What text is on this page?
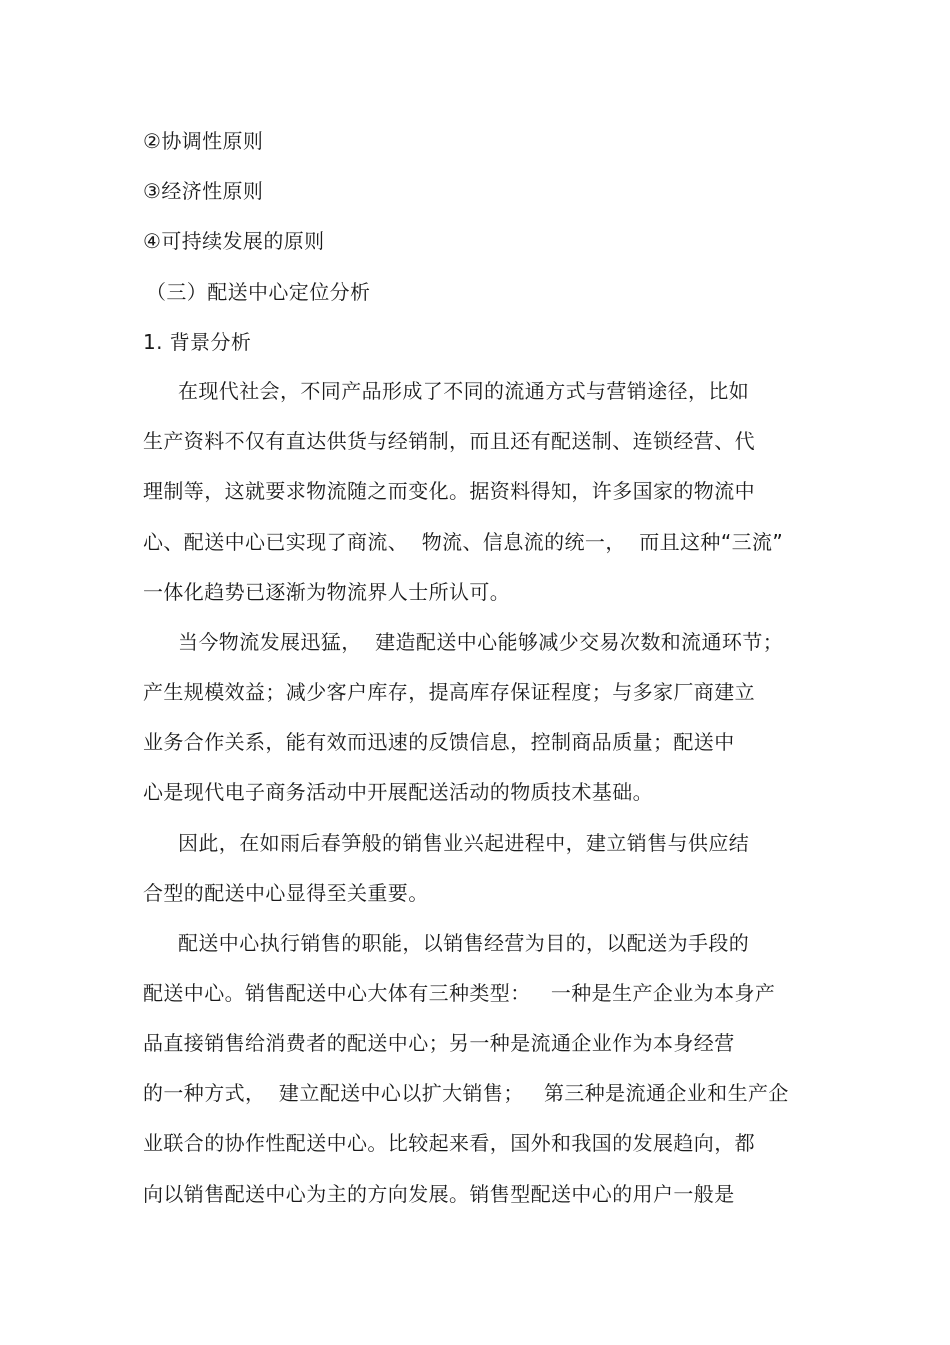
②协调性原则
③经济性原则
④可持续发展的原则
（三）配送中心定位分析
1. 背景分析
在现代社会，不同产品形成了不同的流通方式与营销途径，比如
生产资料不仅有直达供货与经销制，而且还有配送制、连锁经营、代
理制等，这就要求物流随之而变化。据资料得知，许多国家的物流中
心、配送中心已实现了商流、  物流、信息流的统一，  而且这种“三流”
一体化趋势已逐渐为物流界人士所认可。
当今物流发展迅猛，  建造配送中心能够减少交易次数和流通环节；
产生规模效益；减少客户库存，提高库存保证程度；与多家厂商建立
业务合作关系，能有效而迅速的反馈信息，控制商品质量；配送中
心是现代电子商务活动中开展配送活动的物质技术基础。
因此，在如雨后春笋般的销售业兴起进程中，建立销售与供应结
合型的配送中心显得至关重要。
配送中心执行销售的职能，以销售经营为目的，以配送为手段的
配送中心。销售配送中心大体有三种类型：   一种是生产企业为本身产
品直接销售给消费者的配送中心；另一种是流通企业作为本身经营
的一种方式，  建立配送中心以扩大销售；   第三种是流通企业和生产企
业联合的协作性配送中心。比较起来看，国外和我国的发展趋向，都
向以销售配送中心为主的方向发展。销售型配送中心的用户一般是
